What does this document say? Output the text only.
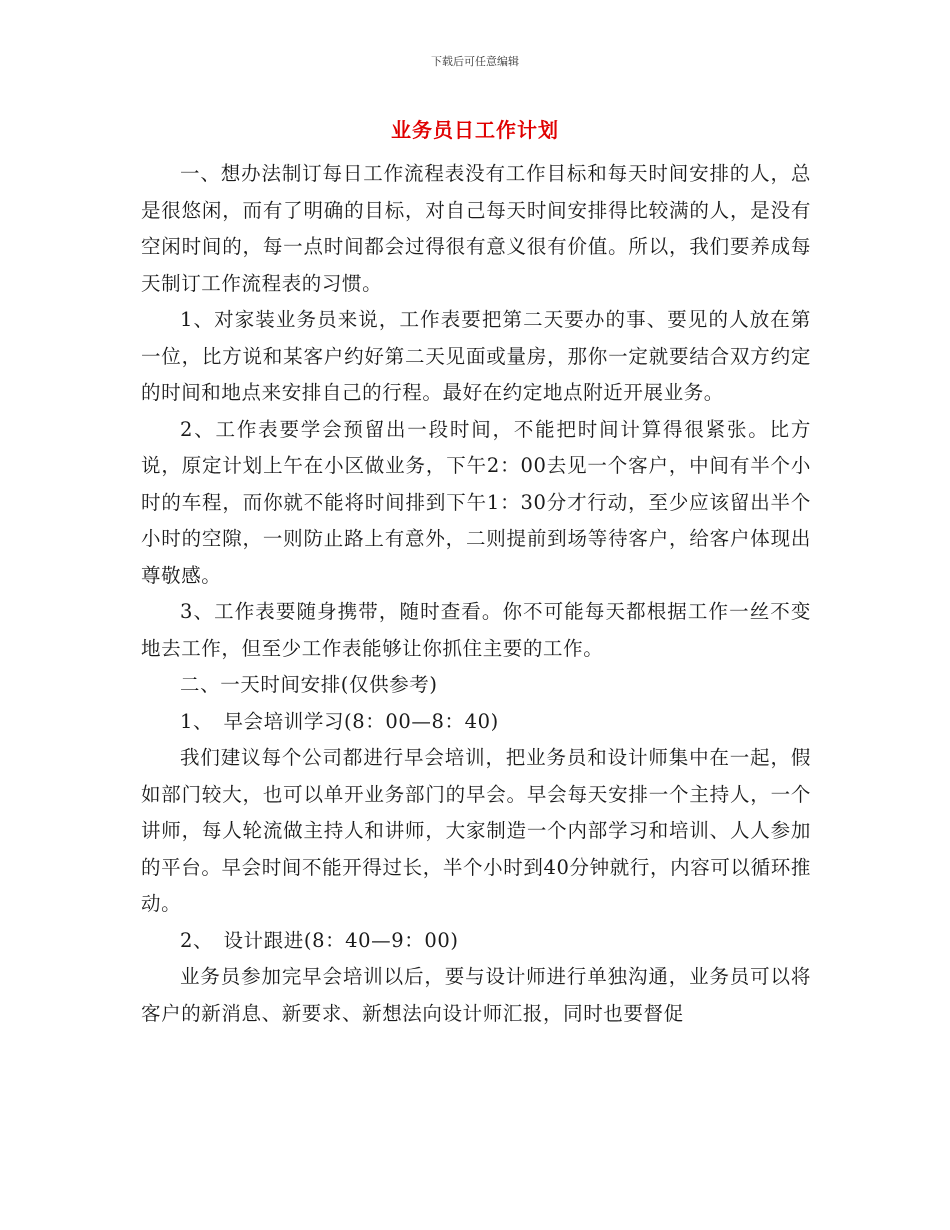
下载后可任意编辑
业务员日工作计划

一、想办法制订每日工作流程表没有工作目标和每天时间安排的人，总是很悠闲，而有了明确的目标，对自己每天时间安排得比较满的人，是没有空闲时间的，每一点时间都会过得很有意义很有价值。所以，我们要养成每天制订工作流程表的习惯。

1、对家装业务员来说，工作表要把第二天要办的事、要见的人放在第一位，比方说和某客户约好第二天见面或量房，那你一定就要结合双方约定的时间和地点来安排自己的行程。最好在约定地点附近开展业务。

2、工作表要学会预留出一段时间，不能把时间计算得很紧张。比方说，原定计划上午在小区做业务，下午2：00去见一个客户，中间有半个小时的车程，而你就不能将时间排到下午1：30分才行动，至少应该留出半个小时的空隙，一则防止路上有意外，二则提前到场等待客户，给客户体现出尊敬感。

3、工作表要随身携带，随时查看。你不可能每天都根据工作一丝不变地去工作，但至少工作表能够让你抓住主要的工作。

二、一天时间安排(仅供参考)

1、　早会培训学习(8：00—8：40)

我们建议每个公司都进行早会培训，把业务员和设计师集中在一起，假如部门较大，也可以单开业务部门的早会。早会每天安排一个主持人，一个讲师，每人轮流做主持人和讲师，大家制造一个内部学习和培训、人人参加的平台。早会时间不能开得过长，半个小时到40分钟就行，内容可以循环推动。

2、　设计跟进(8：40—9：00)

业务员参加完早会培训以后，要与设计师进行单独沟通，业务员可以将客户的新消息、新要求、新想法向设计师汇报，同时也要督促
